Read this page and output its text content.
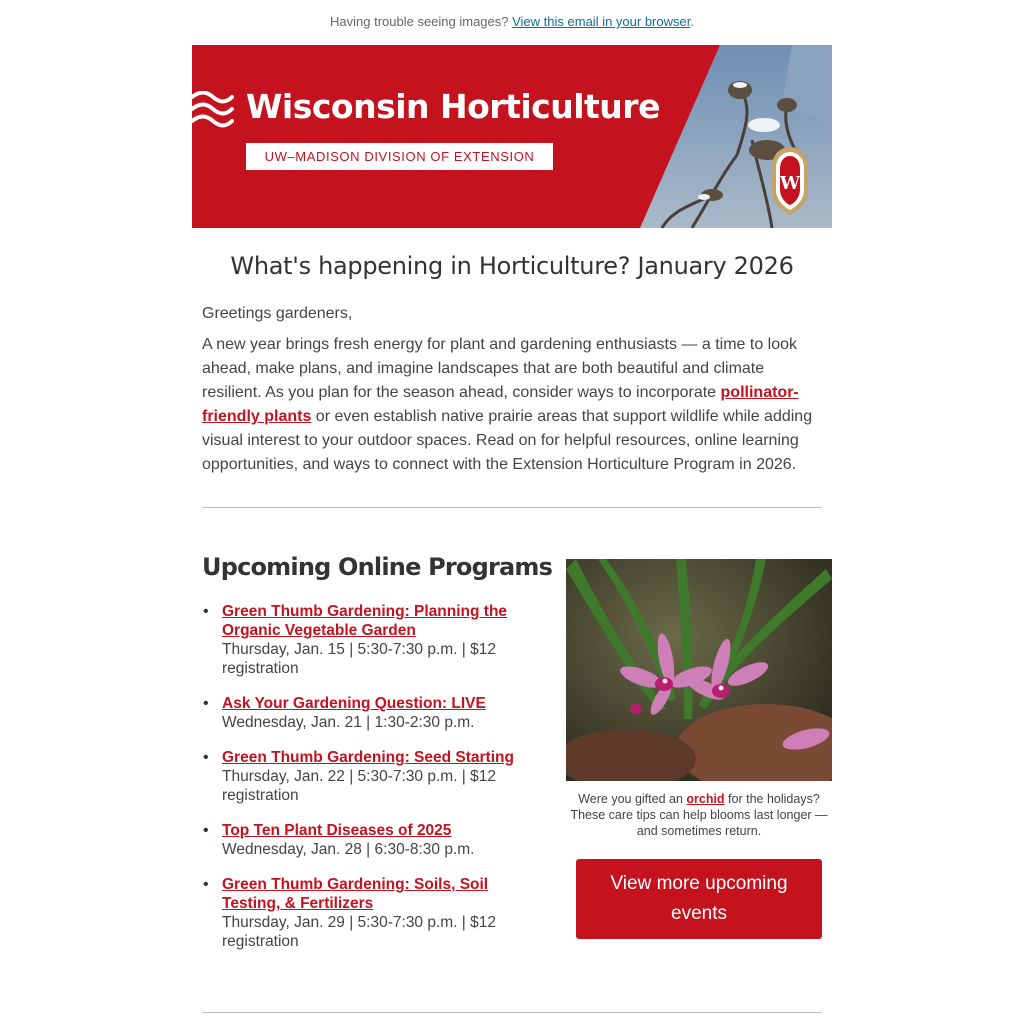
Having trouble seeing images? View this email in your browser.
Wisconsin Horticulture
UW–MADISON DIVISION OF EXTENSION
W
What's happening in Horticulture? January 2026

Greetings gardeners,

A new year brings fresh energy for plant and gardening enthusiasts — a time to look ahead, make plans, and imagine landscapes that are both beautiful and climate resilient. As you plan for the season ahead, consider ways to incorporate pollinator-friendly plants or even establish native prairie areas that support wildlife while adding visual interest to your outdoor spaces. Read on for helpful resources, online learning opportunities, and ways to connect with the Extension Horticulture Program in 2026.

Upcoming Online Programs
• Green Thumb Gardening: Planning the Organic Vegetable Garden
Thursday, Jan. 15 | 5:30-7:30 p.m. | $12 registration
• Ask Your Gardening Question: LIVE
Wednesday, Jan. 21 | 1:30-2:30 p.m.
• Green Thumb Gardening: Seed Starting
Thursday, Jan. 22 | 5:30-7:30 p.m. | $12 registration
• Top Ten Plant Diseases of 2025
Wednesday, Jan. 28 | 6:30-8:30 p.m.
• Green Thumb Gardening: Soils, Soil Testing, & Fertilizers
Thursday, Jan. 29 | 5:30-7:30 p.m. | $12 registration

Were you gifted an orchid for the holidays? These care tips can help blooms last longer — and sometimes return.

View more upcoming events
